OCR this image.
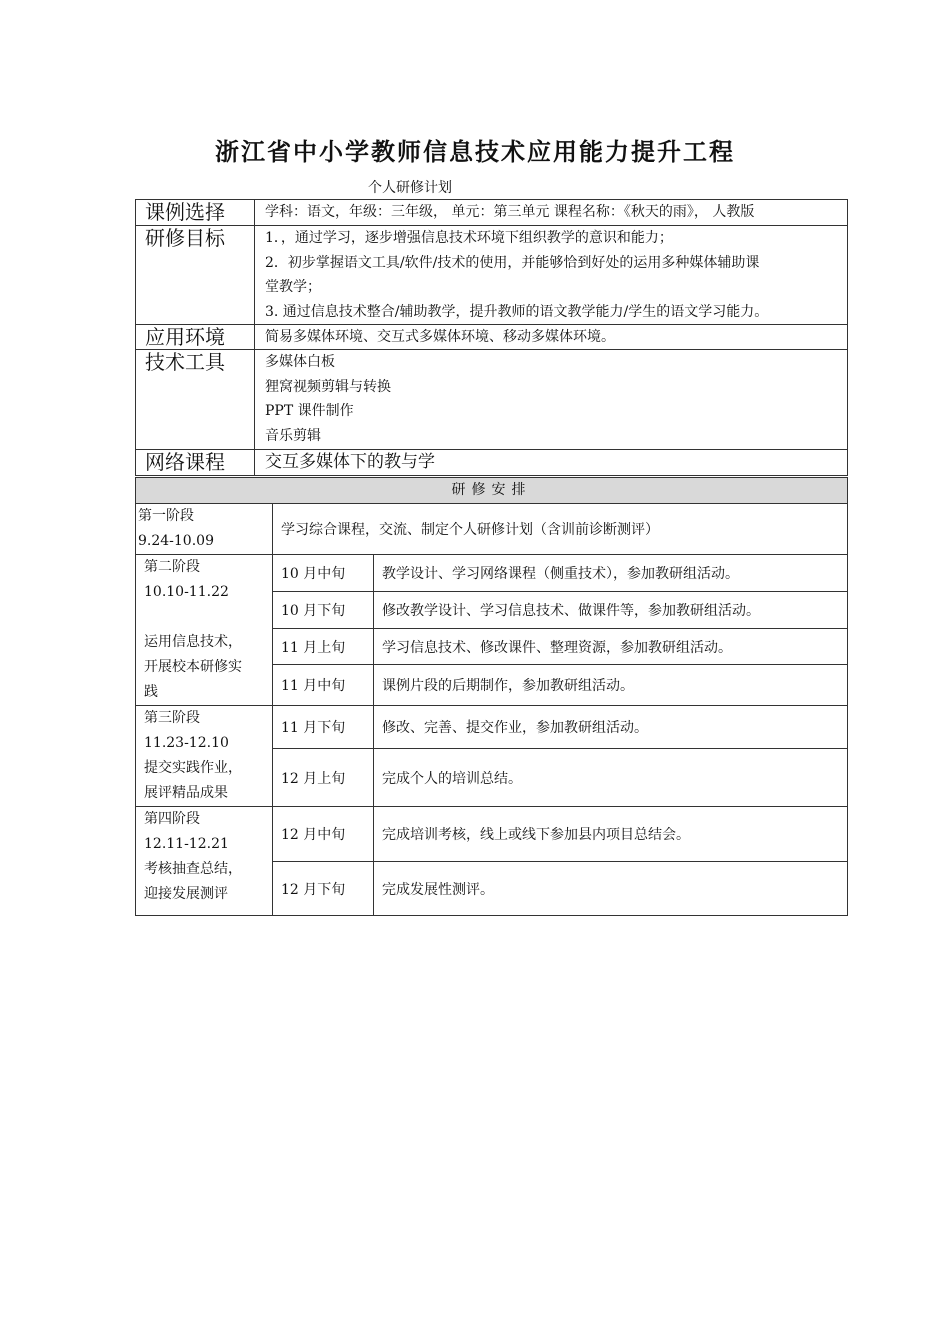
浙江省中小学教师信息技术应用能力提升工程
个人研修计划
课例选择	学科：语文，年级：三年级， 单元：第三单元 课程名称：《秋天的雨》， 人教版
研修目标	1．，通过学习，逐步增强信息技术环境下组织教学的意识和能力；
2．初步掌握语文工具/软件/技术的使用，并能够恰到好处的运用多种媒体辅助课
堂教学；
3. 通过信息技术整合/辅助教学，提升教师的语文教学能力/学生的语文学习能力。

应用环境	简易多媒体环境、交互式多媒体环境、移动多媒体环境。
技术工具	多媒体白板
狸窝视频剪辑与转换
PPT 课件制作
音乐剪辑

网络课程	交互多媒体下的教与学
研修安排		

第一阶段
9.24-10.09	学习综合课程，交流、制定个人研修计划（含训前诊断测评）	

第二阶段
10.10-11.22
运用信息技术，
开展校本研修实
践	10 月中旬	教学设计、学习网络课程（侧重技术），参加教研组活动。
	10 月下旬	修改教学设计、学习信息技术、做课件等，参加教研组活动。
	11 月上旬	学习信息技术、修改课件、整理资源，参加教研组活动。
	11 月中旬	课例片段的后期制作，参加教研组活动。

第三阶段
11.23-12.10
提交实践作业，
展评精品成果	11 月下旬	修改、完善、提交作业，参加教研组活动。
	12 月上旬	完成个人的培训总结。

第四阶段
12.11-12.21
考核抽查总结，
迎接发展测评	12 月中旬	完成培训考核，线上或线下参加县内项目总结会。
	12 月下旬	完成发展性测评。
